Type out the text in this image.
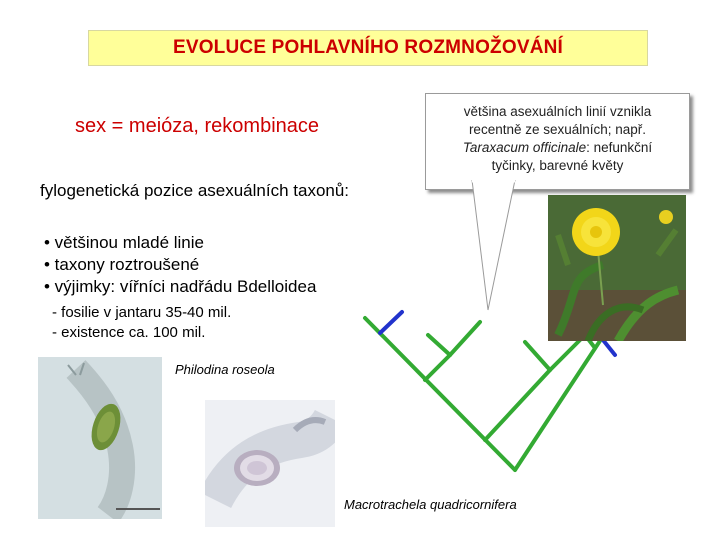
EVOLUCE POHLAVNÍHO ROZMNOŽOVÁNÍ
sex = meióza, rekombinace
fylogenetická pozice asexuálních taxonů:
• většinou mladé linie
• taxony roztroušené
• výjimky: vířníci nadřádu Bdelloidea
- fosilie v jantaru 35-40 mil.
- existence ca. 100 mil.
většina asexuálních linií vznikla
recentně ze sexuálních; např.
Taraxacum officinale: nefunkční
tyčinky, barevné květy
Philodina roseola
Macrotrachela quadricornifera
